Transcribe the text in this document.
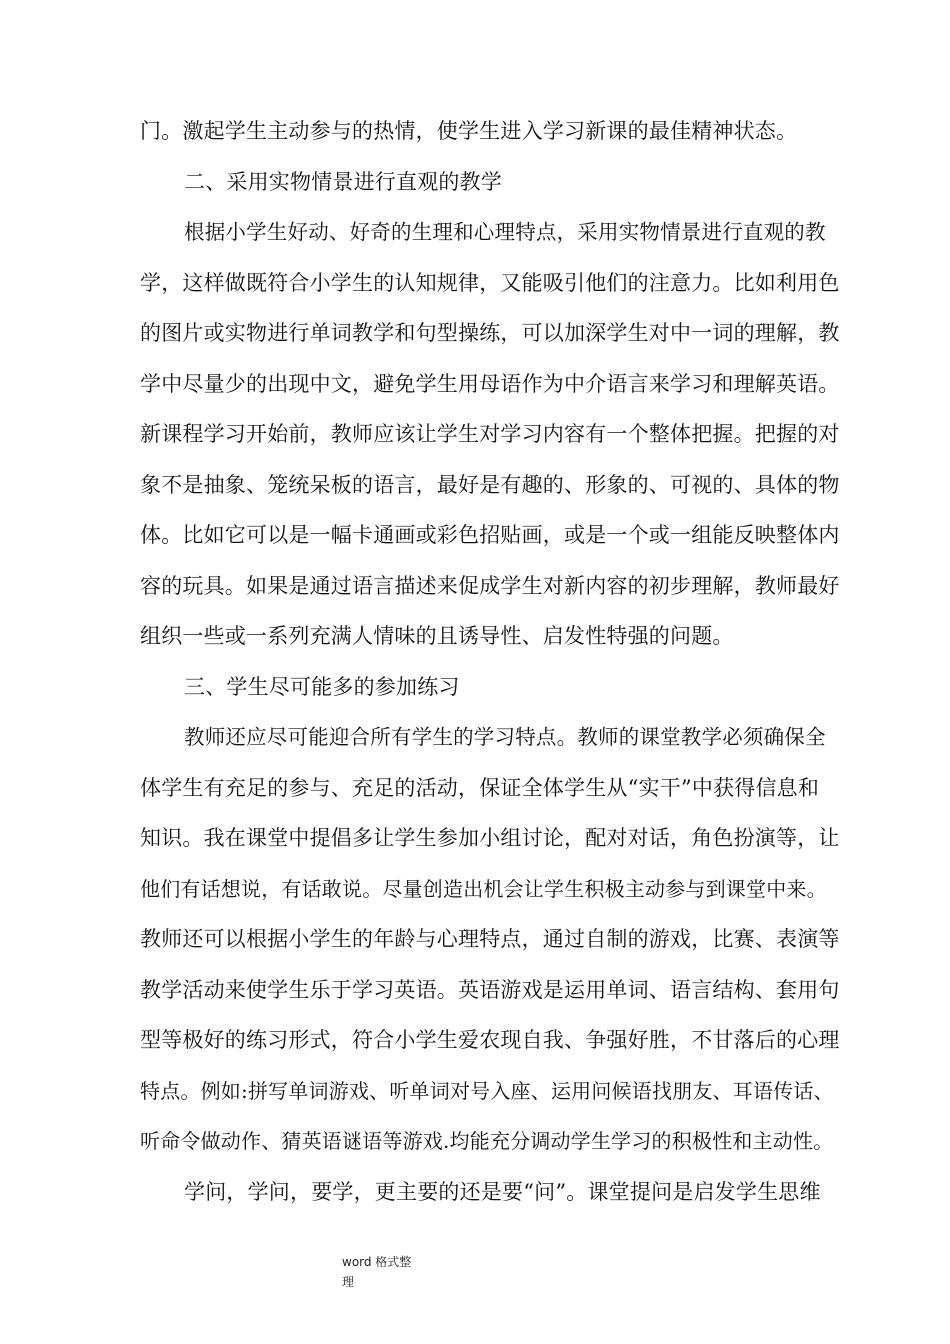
门。激起学生主动参与的热情，使学生进入学习新课的最佳精神状态。
二、采用实物情景进行直观的教学
根据小学生好动、好奇的生理和心理特点，采用实物情景进行直观的教
学，这样做既符合小学生的认知规律，又能吸引他们的注意力。比如利用色
的图片或实物进行单词教学和句型操练，可以加深学生对中一词的理解，教
学中尽量少的出现中文，避免学生用母语作为中介语言来学习和理解英语。
新课程学习开始前，教师应该让学生对学习内容有一个整体把握。把握的对
象不是抽象、笼统呆板的语言，最好是有趣的、形象的、可视的、具体的物
体。比如它可以是一幅卡通画或彩色招贴画，或是一个或一组能反映整体内
容的玩具。如果是通过语言描述来促成学生对新内容的初步理解，教师最好
组织一些或一系列充满人情味的且诱导性、启发性特强的问题。
三、学生尽可能多的参加练习
教师还应尽可能迎合所有学生的学习特点。教师的课堂教学必须确保全
体学生有充足的参与、充足的活动，保证全体学生从“实干”中获得信息和
知识。我在课堂中提倡多让学生参加小组讨论，配对对话，角色扮演等，让
他们有话想说，有话敢说。尽量创造出机会让学生积极主动参与到课堂中来。
教师还可以根据小学生的年龄与心理特点，通过自制的游戏，比赛、表演等
教学活动来使学生乐于学习英语。英语游戏是运用单词、语言结构、套用句
型等极好的练习形式，符合小学生爱农现自我、争强好胜，不甘落后的心理
特点。例如:拼写单词游戏、听单词对号入座、运用问候语找朋友、耳语传话、
听命令做动作、猜英语谜语等游戏.均能充分调动学生学习的积极性和主动性。
学问，学问，要学，更主要的还是要“问”。课堂提问是启发学生思维
word 格式整
理
